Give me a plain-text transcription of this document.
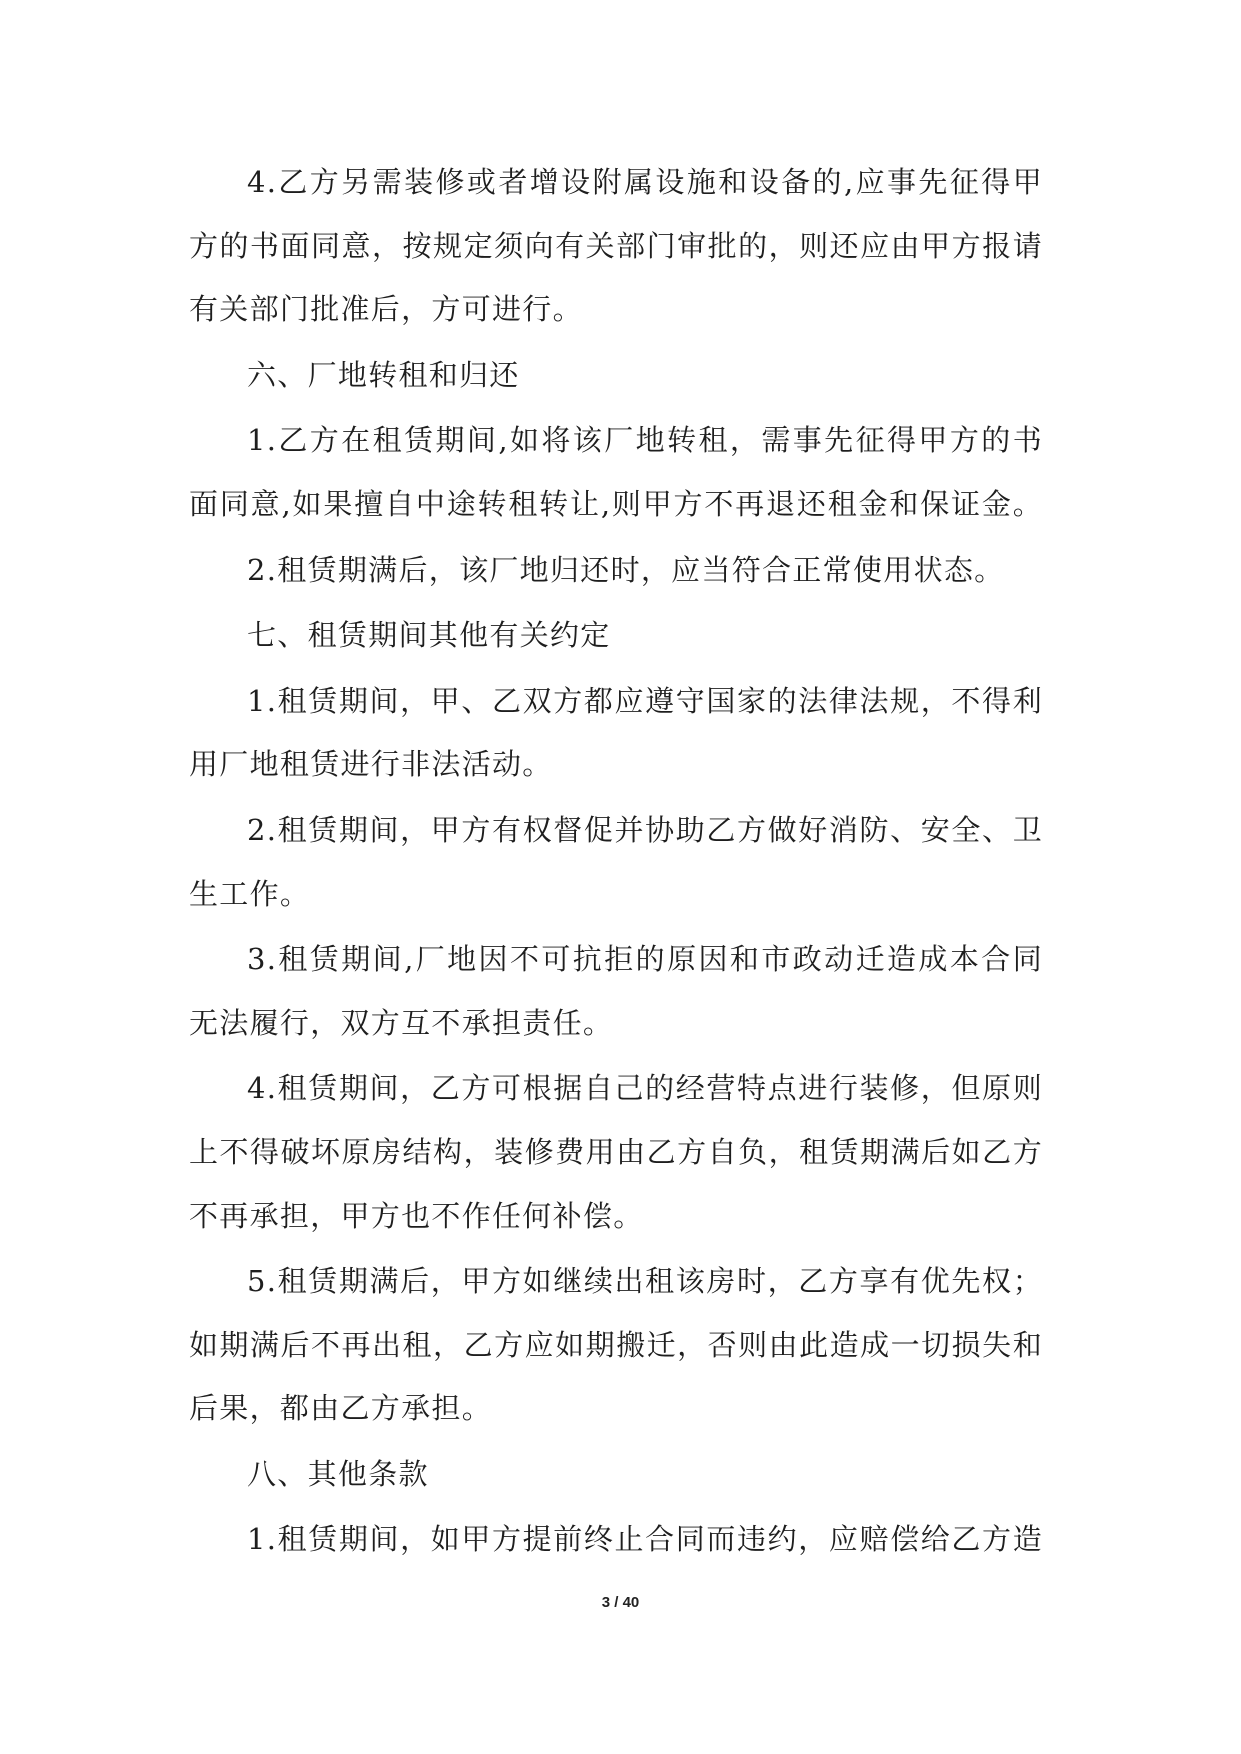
4.乙方另需装修或者增设附属设施和设备的,应事先征得甲
方的书面同意，按规定须向有关部门审批的，则还应由甲方报请
有关部门批准后，方可进行。
六、厂地转租和归还
1.乙方在租赁期间,如将该厂地转租，需事先征得甲方的书
面同意,如果擅自中途转租转让,则甲方不再退还租金和保证金。
2.租赁期满后，该厂地归还时，应当符合正常使用状态。
七、租赁期间其他有关约定
1.租赁期间，甲、乙双方都应遵守国家的法律法规，不得利
用厂地租赁进行非法活动。
2.租赁期间，甲方有权督促并协助乙方做好消防、安全、卫
生工作。
3.租赁期间,厂地因不可抗拒的原因和市政动迁造成本合同
无法履行，双方互不承担责任。
4.租赁期间，乙方可根据自己的经营特点进行装修，但原则
上不得破坏原房结构，装修费用由乙方自负，租赁期满后如乙方
不再承担，甲方也不作任何补偿。
5.租赁期满后，甲方如继续出租该房时，乙方享有优先权；
如期满后不再出租，乙方应如期搬迁，否则由此造成一切损失和
后果，都由乙方承担。
八、其他条款
1.租赁期间，如甲方提前终止合同而违约，应赔偿给乙方造
3 / 40
